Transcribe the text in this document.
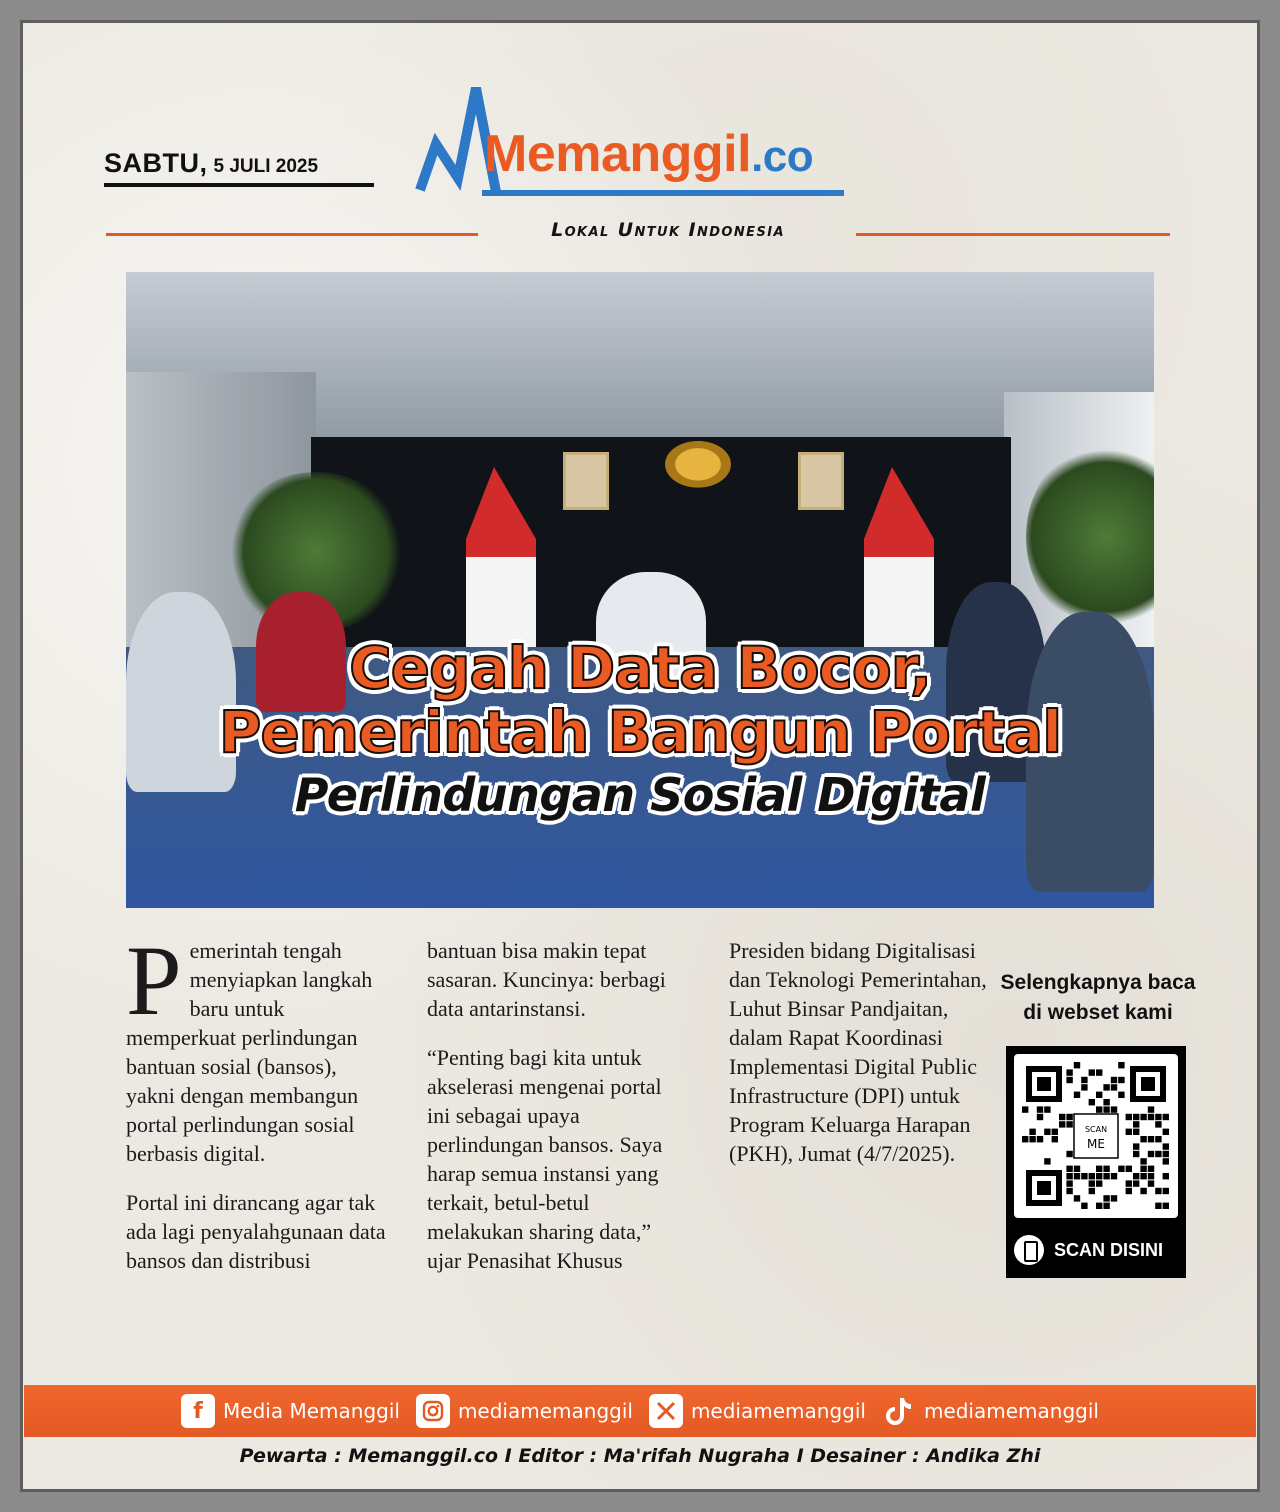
SABTU, 5 JULI 2025	Memanggil.co
Lokal Untuk Indonesia
Cegah Data Bocor,
Pemerintah Bangun Portal
Perlindungan Sosial Digital

Pemerintah tengah menyiapkan langkah baru untuk memperkuat perlindungan bantuan sosial (bansos), yakni dengan membangun portal perlindungan sosial berbasis digital.

Portal ini dirancang agar tak ada lagi penyalahgunaan data bansos dan distribusi

bantuan bisa makin tepat sasaran. Kuncinya: berbagi data antarinstansi.

“Penting bagi kita untuk akselerasi mengenai portal ini sebagai upaya perlindungan bansos. Saya harap semua instansi yang terkait, betul-betul melakukan sharing data,” ujar Penasihat Khusus

Presiden bidang Digitalisasi dan Teknologi Pemerintahan, Luhut Binsar Pandjaitan, dalam Rapat Koordinasi Implementasi Digital Public Infrastructure (DPI) untuk Program Keluarga Harapan (PKH), Jumat (4/7/2025).

Selengkapnya baca
di webset kami
SCAN
ME
SCAN DISINI
f	Media Memanggil	mediamemanggil	mediamemanggil	mediamemanggil
Pewarta : Memanggil.co I Editor : Ma'rifah Nugraha I Desainer : Andika Zhi
